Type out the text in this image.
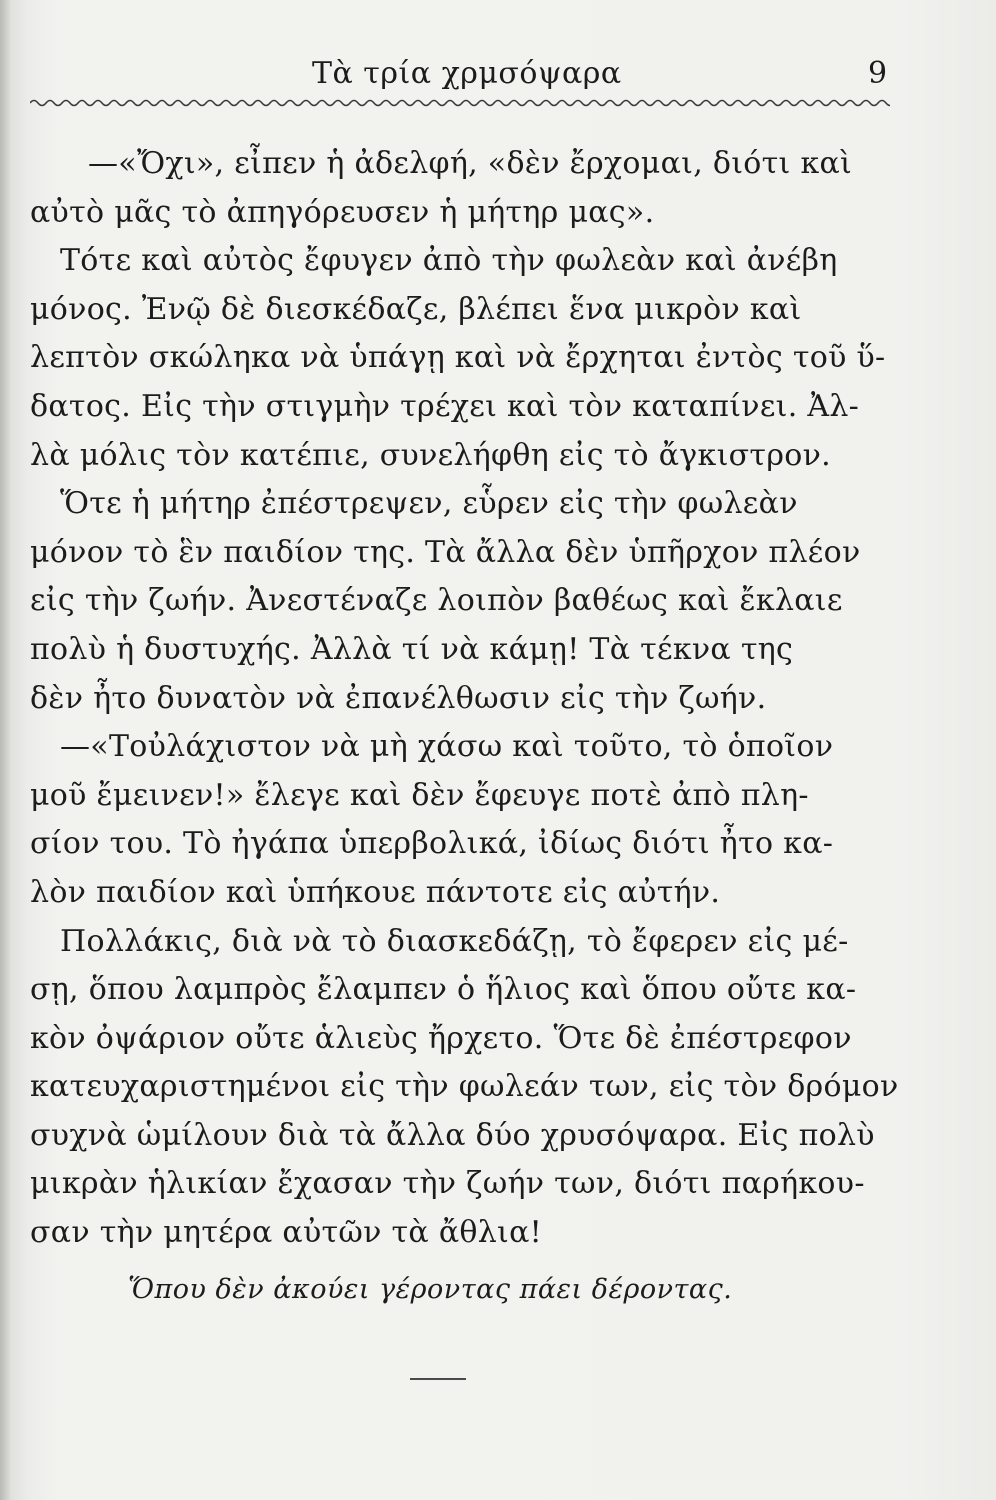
Τὰ τρία χρμσόψαρα	9
—«Ὄχι», εἶπεν ἡ ἀδελφή, «δὲν ἔρχομαι, διότι καὶ
αὐτὸ μᾶς τὸ ἀπηγόρευσεν ἡ μήτηρ μας».
Τότε καὶ αὐτὸς ἔφυγεν ἀπὸ τὴν φωλεὰν καὶ ἀνέβη
μόνος. Ἐνῷ δὲ διεσκέδαζε, βλέπει ἕνα μικρὸν καὶ
λεπτὸν σκώληκα νὰ ὑπάγῃ καὶ νὰ ἔρχηται ἐντὸς τοῦ ὕ-
δατος. Εἰς τὴν στιγμὴν τρέχει καὶ τὸν καταπίνει. Ἀλ-
λὰ μόλις τὸν κατέπιε, συνελήφθη εἰς τὸ ἄγκιστρον.
Ὅτε ἡ μήτηρ ἐπέστρεψεν, εὗρεν εἰς τὴν φωλεὰν
μόνον τὸ ἓν παιδίον της. Τὰ ἄλλα δὲν ὑπῆρχον πλέον
εἰς τὴν ζωήν. Ἀνεστέναζε λοιπὸν βαθέως καὶ ἔκλαιε
πολὺ ἡ δυστυχής. Ἀλλὰ τί νὰ κάμῃ! Τὰ τέκνα της
δὲν ἦτο δυνατὸν νὰ ἐπανέλθωσιν εἰς τὴν ζωήν.
—«Τοὐλάχιστον νὰ μὴ χάσω καὶ τοῦτο, τὸ ὁποῖον
μοῦ ἔμεινεν!» ἔλεγε καὶ δὲν ἔφευγε ποτὲ ἀπὸ πλη-
σίον του. Τὸ ἠγάπα ὑπερβολικά, ἰδίως διότι ἦτο κα-
λὸν παιδίον καὶ ὑπήκουε πάντοτε εἰς αὐτήν.
Πολλάκις, διὰ νὰ τὸ διασκεδάζῃ, τὸ ἔφερεν εἰς μέ-
σῃ, ὅπου λαμπρὸς ἔλαμπεν ὁ ἥλιος καὶ ὅπου οὔτε κα-
κὸν ὀψάριον οὔτε ἁλιεὺς ἤρχετο. Ὅτε δὲ ἐπέστρεφον
κατευχαριστημένοι εἰς τὴν φωλεάν των, εἰς τὸν δρόμον
συχνὰ ὡμίλουν διὰ τὰ ἄλλα δύο χρυσόψαρα. Εἰς πολὺ
μικρὰν ἡλικίαν ἔχασαν τὴν ζωήν των, διότι παρήκου-
σαν τὴν μητέρα αὐτῶν τὰ ἄθλια!
Ὅπου δὲν ἀκούει γέροντας πάει δέροντας.
